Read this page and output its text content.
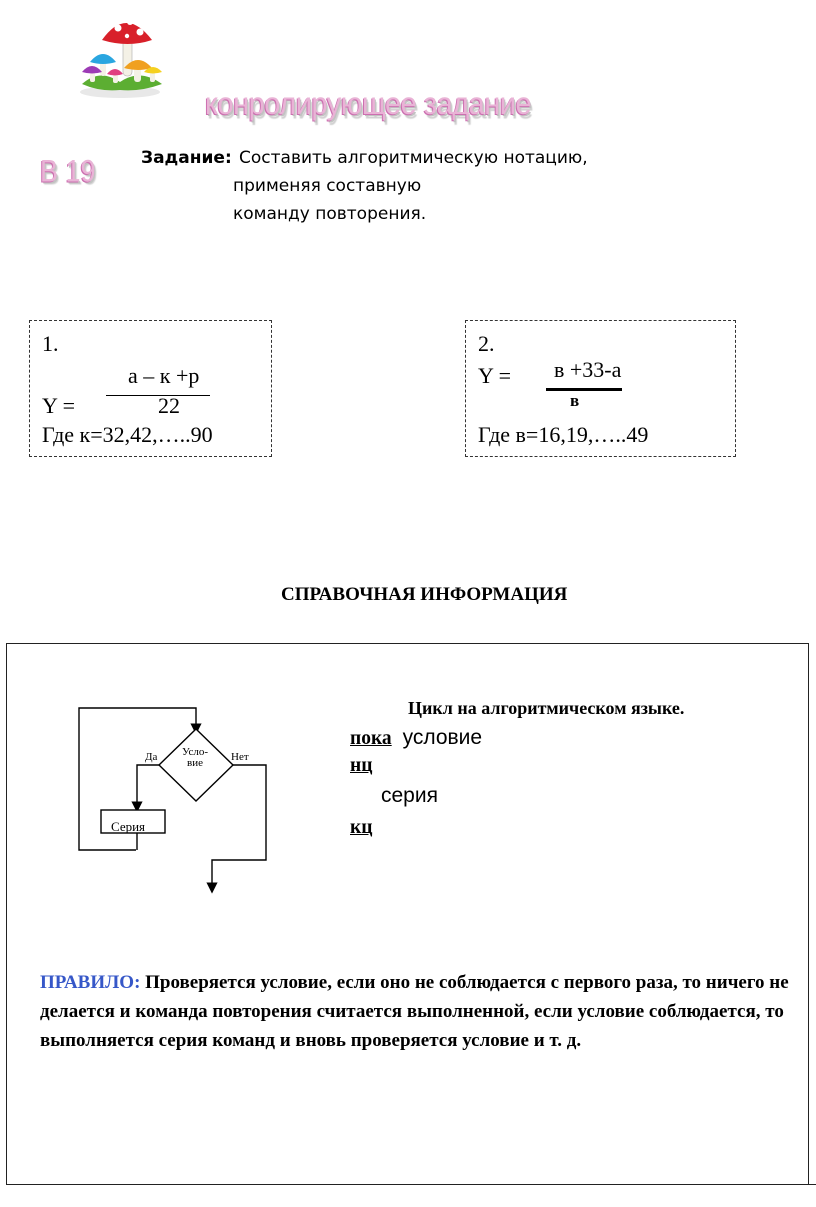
конролирующее задание
В 19	Задание: Составить алгоритмическую нотацию,
применяя составную
команду повторения.
1.
а – к +р
Y =	22
Где к=32,42,…..90
2.
Y = в +33-а
в
Где в=16,19,…..49
СПРАВОЧНАЯ ИНФОРМАЦИЯ
Да	Нет
Усло-
вие
Серия
Цикл на алгоритмическом языке.
пока условие
нц
серия
кц
ПРАВИЛО: Проверяется условие, если оно не соблюдается с первого раза, то ничего не делается и команда повторения считается выполненной, если условие соблюдается, то выполняется серия команд и вновь проверяется условие и т. д.
